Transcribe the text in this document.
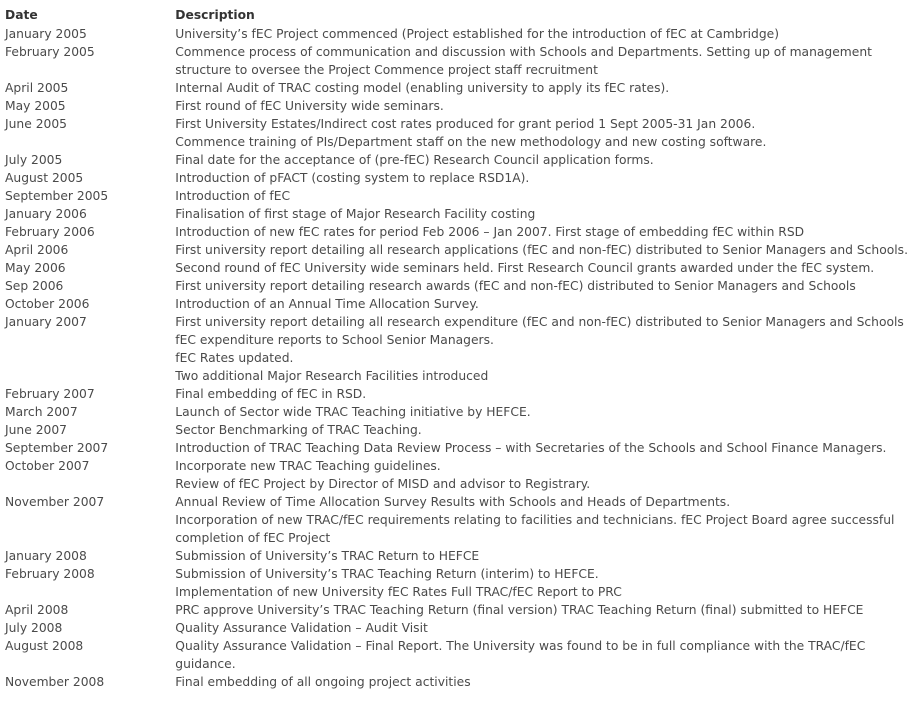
Date	Description
January 2005	University’s fEC Project commenced (Project established for the introduction of fEC at Cambridge)

February 2005	Commence process of communication and discussion with Schools and Departments. Setting up of management
structure to oversee the Project Commence project staff recruitment

April 2005	Internal Audit of TRAC costing model (enabling university to apply its fEC rates).

May 2005	First round of fEC University wide seminars.

June 2005	First University Estates/Indirect cost rates produced for grant period 1 Sept 2005-31 Jan 2006.
Commence training of PIs/Department staff on the new methodology and new costing software.

July 2005	Final date for the acceptance of (pre-fEC) Research Council application forms.

August 2005	Introduction of pFACT (costing system to replace RSD1A).

September 2005	Introduction of fEC

January 2006	Finalisation of first stage of Major Research Facility costing

February 2006	Introduction of new fEC rates for period Feb 2006 – Jan 2007. First stage of embedding fEC within RSD

April 2006	First university report detailing all research applications (fEC and non-fEC) distributed to Senior Managers and Schools.

May 2006	Second round of fEC University wide seminars held. First Research Council grants awarded under the fEC system.

Sep 2006	First university report detailing research awards (fEC and non-fEC) distributed to Senior Managers and Schools

October 2006	Introduction of an Annual Time Allocation Survey.

January 2007	First university report detailing all research expenditure (fEC and non-fEC) distributed to Senior Managers and Schools
fEC expenditure reports to School Senior Managers.
fEC Rates updated.
Two additional Major Research Facilities introduced

February 2007	Final embedding of fEC in RSD.

March 2007	Launch of Sector wide TRAC Teaching initiative by HEFCE.

June 2007	Sector Benchmarking of TRAC Teaching.

September 2007	Introduction of TRAC Teaching Data Review Process – with Secretaries of the Schools and School Finance Managers.

October 2007	Incorporate new TRAC Teaching guidelines.
Review of fEC Project by Director of MISD and advisor to Registrary.

November 2007	Annual Review of Time Allocation Survey Results with Schools and Heads of Departments.
Incorporation of new TRAC/fEC requirements relating to facilities and technicians. fEC Project Board agree successful
completion of fEC Project

January 2008	Submission of University’s TRAC Return to HEFCE

February 2008	Submission of University’s TRAC Teaching Return (interim) to HEFCE.
Implementation of new University fEC Rates Full TRAC/fEC Report to PRC

April 2008	PRC approve University’s TRAC Teaching Return (final version) TRAC Teaching Return (final) submitted to HEFCE

July 2008	Quality Assurance Validation – Audit Visit

August 2008	Quality Assurance Validation – Final Report. The University was found to be in full compliance with the TRAC/fEC
guidance.

November 2008	Final embedding of all ongoing project activities
